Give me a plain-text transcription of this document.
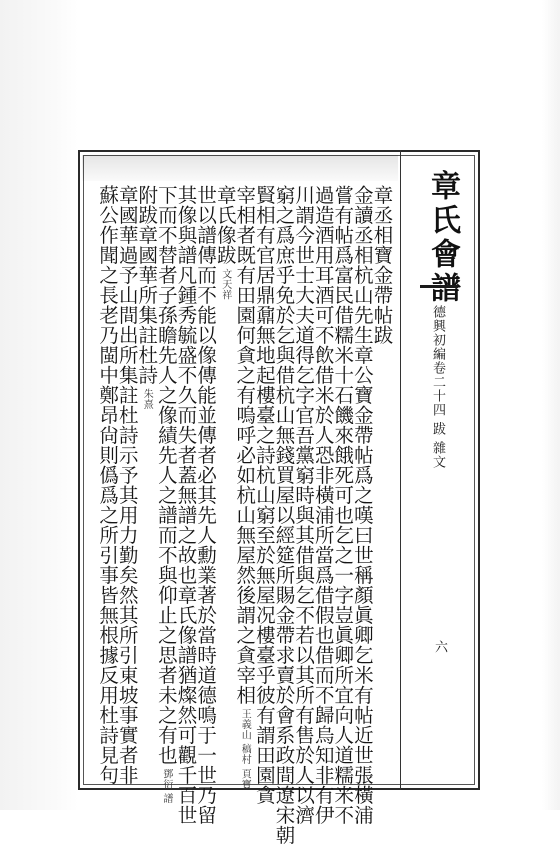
章氏會譜
德興初編卷二十四 跋 雜文
六
章丞相寶金帶帖跋
金讀丞相杭山先生章公寶金帶帖爲之嘆曰世稱顏眞卿乞米有帖近世張橫浦
嘗有帖爲富民借糯米十石饑來餓死可也乞之一字豈眞卿所宜向人道糯米不
過造酒用耳酒可不飲借米於人恐非橫浦所當爲借假也借而不歸烏知非有伊
川謂今世士大夫道得乞字官吾黨窮時與其借與乞不若以其所有售於人以濟
窮之爲庶乎免於乞與借杭山無錢買屋以經筵所賜金帶求賣於會系政間遼宋朝
賢相有官居鼎鼐無地起樓臺之詩杭山窮至於無屋况樓臺乎彼有謂田園貪
宰相者既有田園何貪之有嗚呼必如杭山無屋然後謂之貪宰相 王義山 稿村 頁寳
章氏像跋 文天祥
世以譜傳而不能以像傳能並傳者必其先人勳業著於當時道德鳴于一世乃留
其像與譜凡鍾秀毓盛不久而失者蓋無譜之故也章氏像譜猶燦然可觀千百世
下而不替者子孫瞻先人之像績先人之譜而不與仰止之思者未之有也 鄧衍 譜
附跋章國華所集註杜詩 朱熹
章國華過予山間出所集註杜詩示予其用力勤矣然其所引東坡事實者非
蘇公作聞之長老乃閩中鄭昂尙則僞爲之所引事皆無根據反用杜詩見句
